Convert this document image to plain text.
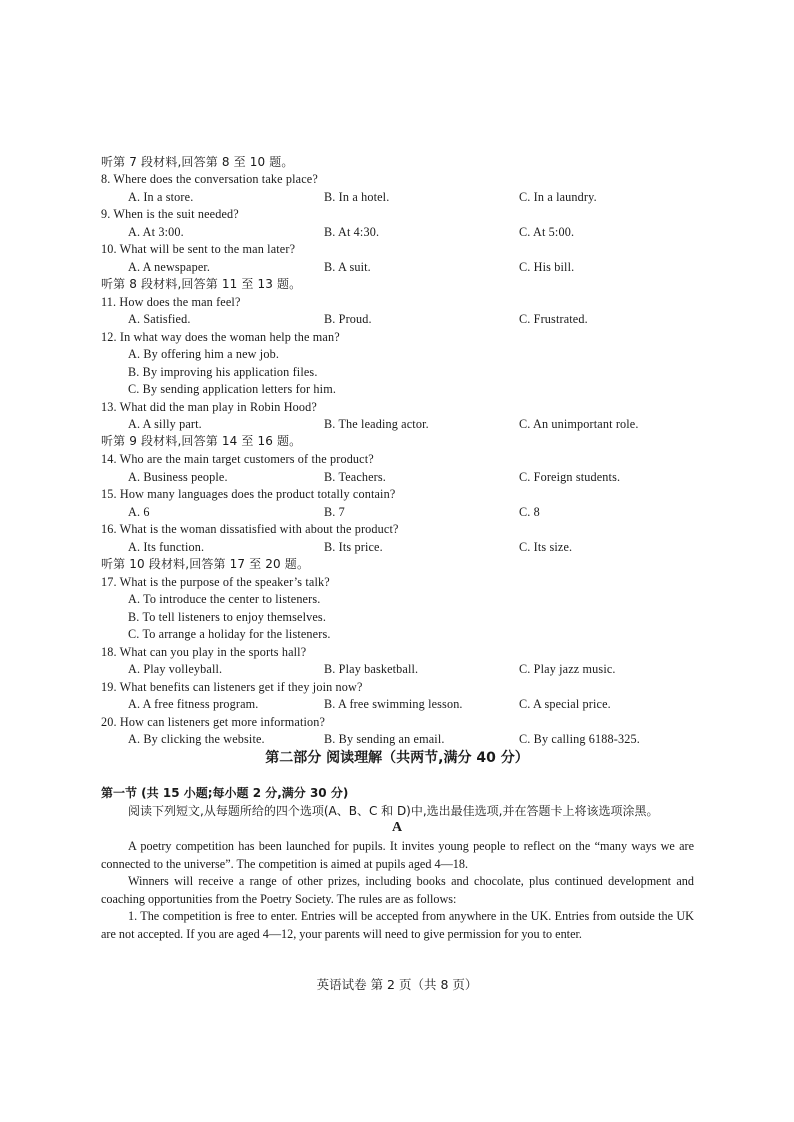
听第 7 段材料,回答第 8 至 10 题。
8. Where does the conversation take place?
A. In a store.	B. In a hotel.	C. In a laundry.
9. When is the suit needed?
A. At 3:00.	B. At 4:30.	C. At 5:00.
10. What will be sent to the man later?
A. A newspaper.	B. A suit.	C. His bill.
听第 8 段材料,回答第 11 至 13 题。
11. How does the man feel?
A. Satisfied.	B. Proud.	C. Frustrated.
12. In what way does the woman help the man?
A. By offering him a new job.
B. By improving his application files.
C. By sending application letters for him.
13. What did the man play in Robin Hood?
A. A silly part.	B. The leading actor.	C. An unimportant role.
听第 9 段材料,回答第 14 至 16 题。
14. Who are the main target customers of the product?
A. Business people.	B. Teachers.	C. Foreign students.
15. How many languages does the product totally contain?
A. 6	B. 7	C. 8
16. What is the woman dissatisfied with about the product?
A. Its function.	B. Its price.	C. Its size.
听第 10 段材料,回答第 17 至 20 题。
17. What is the purpose of the speaker’s talk?
A. To introduce the center to listeners.
B. To tell listeners to enjoy themselves.
C. To arrange a holiday for the listeners.
18. What can you play in the sports hall?
A. Play volleyball.	B. Play basketball.	C. Play jazz music.
19. What benefits can listeners get if they join now?
A. A free fitness program.	B. A free swimming lesson.	C. A special price.
20. How can listeners get more information?
A. By clicking the website.	B. By sending an email.	C. By calling 6188-325.
第二部分 阅读理解（共两节,满分 40 分）
第一节 (共 15 小题;每小题 2 分,满分 30 分)
阅读下列短文,从每题所给的四个选项(A、B、C 和 D)中,选出最佳选项,并在答题卡上将该选项涂黑。
A
A poetry competition has been launched for pupils. It invites young people to reflect on the “many ways we are connected to the universe”. The competition is aimed at pupils aged 4—18.
Winners will receive a range of other prizes, including books and chocolate, plus continued development and coaching opportunities from the Poetry Society. The rules are as follows:
1. The competition is free to enter. Entries will be accepted from anywhere in the UK. Entries from outside the UK are not accepted. If you are aged 4—12, your parents will need to give permission for you to enter.
英语试卷 第 2 页（共 8 页）
